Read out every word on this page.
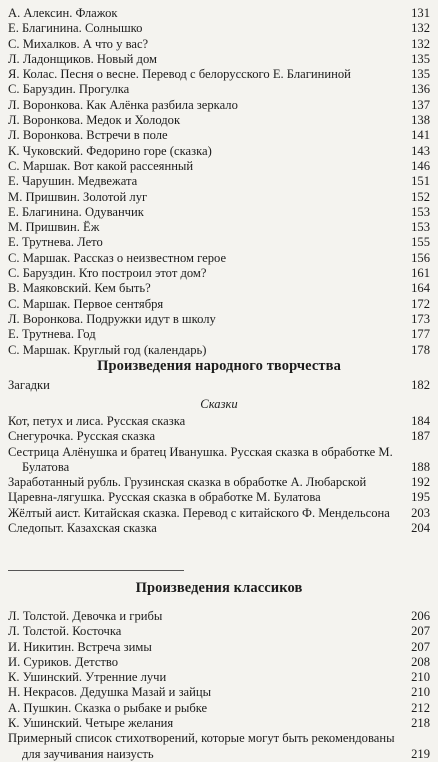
А. Алексин. Флажок	131
Е. Благинина. Солнышко	132
С. Михалков. А что у вас?	132
Л. Ладонщиков. Новый дом	135
Я. Колас. Песня о весне. Перевод с белорусского Е. Благининой	135
С. Баруздин. Прогулка	136
Л. Воронкова. Как Алёнка разбила зеркало	137
Л. Воронкова. Медок и Холодок	138
Л. Воронкова. Встречи в поле	141
К. Чуковский. Федорино горе (сказка)	143
С. Маршак. Вот какой рассеянный	146
Е. Чарушин. Медвежата	151
М. Пришвин. Золотой луг	152
Е. Благинина. Одуванчик	153
М. Пришвин. Ёж	153
Е. Трутнева. Лето	155
С. Маршак. Рассказ о неизвестном герое	156
С. Баруздин. Кто построил этот дом?	161
В. Маяковский. Кем быть?	164
С. Маршак. Первое сентября	172
Л. Воронкова. Подружки идут в школу	173
Е. Трутнева. Год	177
С. Маршак. Круглый год (календарь)	178
Произведения народного творчества
Загадки	182
Сказки
Кот, петух и лиса. Русская сказка	184
Снегурочка. Русская сказка	187
Сестрица Алёнушка и братец Иванушка. Русская сказка в обработке М. Булатова	188
Заработанный рубль. Грузинская сказка в обработке А. Любарской	192
Царевна-лягушка. Русская сказка в обработке М. Булатова	195
Жёлтый аист. Китайская сказка. Перевод с китайского Ф. Мендельсона	203
Следопыт. Казахская сказка	204
Произведения классиков
Л. Толстой. Девочка и грибы	206
Л. Толстой. Косточка	207
И. Никитин. Встреча зимы	207
И. Суриков. Детство	208
К. Ушинский. Утренние лучи	210
Н. Некрасов. Дедушка Мазай и зайцы	210
А. Пушкин. Сказка о рыбаке и рыбке	212
К. Ушинский. Четыре желания	218
Примерный список стихотворений, которые могут быть рекомендованы для заучивания наизусть	219
